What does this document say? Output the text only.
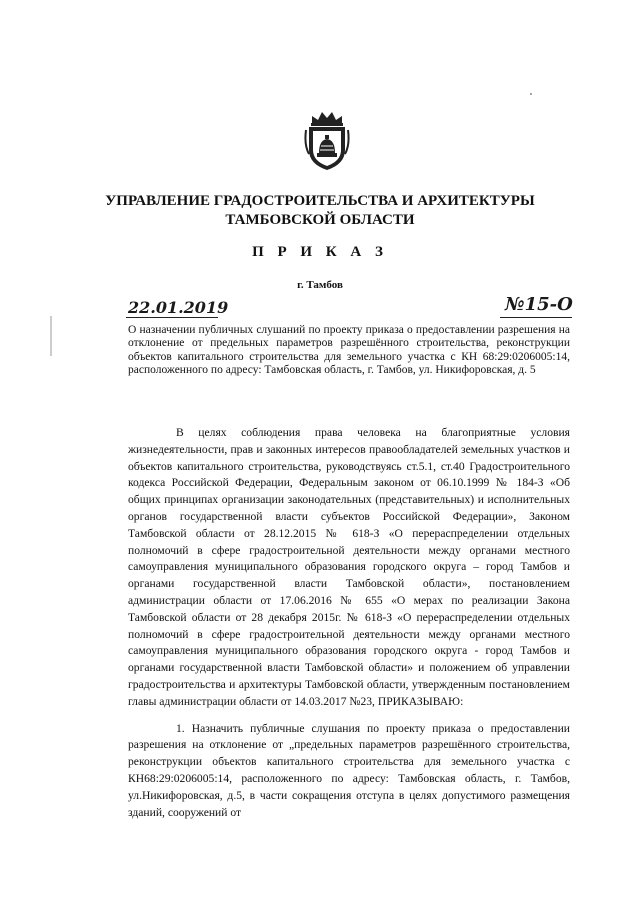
УПРАВЛЕНИЕ ГРАДОСТРОИТЕЛЬСТВА И АРХИТЕКТУРЫ
ТАМБОВСКОЙ ОБЛАСТИ
П Р И К А З
г. Тамбов
22.01.2019	№15-О
О назначении публичных слушаний по проекту приказа о предоставлении разрешения на отклонение от предельных параметров разрешённого строительства, реконструкции объектов капитального строительства для земельного участка с КН 68:29:0206005:14, расположенного по адресу: Тамбовская область, г. Тамбов, ул. Никифоровская, д. 5

В целях соблюдения права человека на благоприятные условия жизнедеятельности, прав и законных интересов правообладателей земельных участков и объектов капитального строительства, руководствуясь ст.5.1, ст.40 Градостроительного кодекса Российской Федерации, Федеральным законом от 06.10.1999 № 184-З «Об общих принципах организации законодательных (представительных) и исполнительных органов государственной власти субъектов Российской Федерации», Законом Тамбовской области от 28.12.2015 № 618-З «О перераспределении отдельных полномочий в сфере градостроительной деятельности между органами местного самоуправления муниципального образования городского округа – город Тамбов и органами государственной власти Тамбовской области», постановлением администрации области от 17.06.2016 № 655 «О мерах по реализации Закона Тамбовской области от 28 декабря 2015г. № 618-З «О перераспределении отдельных полномочий в сфере градостроительной деятельности между органами местного самоуправления муниципального образования городского округа - город Тамбов и органами государственной власти Тамбовской области» и положением об управлении градостроительства и архитектуры Тамбовской области, утвержденным постановлением главы администрации области от 14.03.2017 №23, ПРИКАЗЫВАЮ:

1. Назначить публичные слушания по проекту приказа о предоставлении разрешения на отклонение от „предельных параметров разрешённого строительства, реконструкции объектов капитального строительства для земельного участка с КН68:29:0206005:14, расположенного по адресу: Тамбовская область, г. Тамбов, ул.Никифоровская, д.5, в части сокращения отступа в целях допустимого размещения зданий, сооружений от
